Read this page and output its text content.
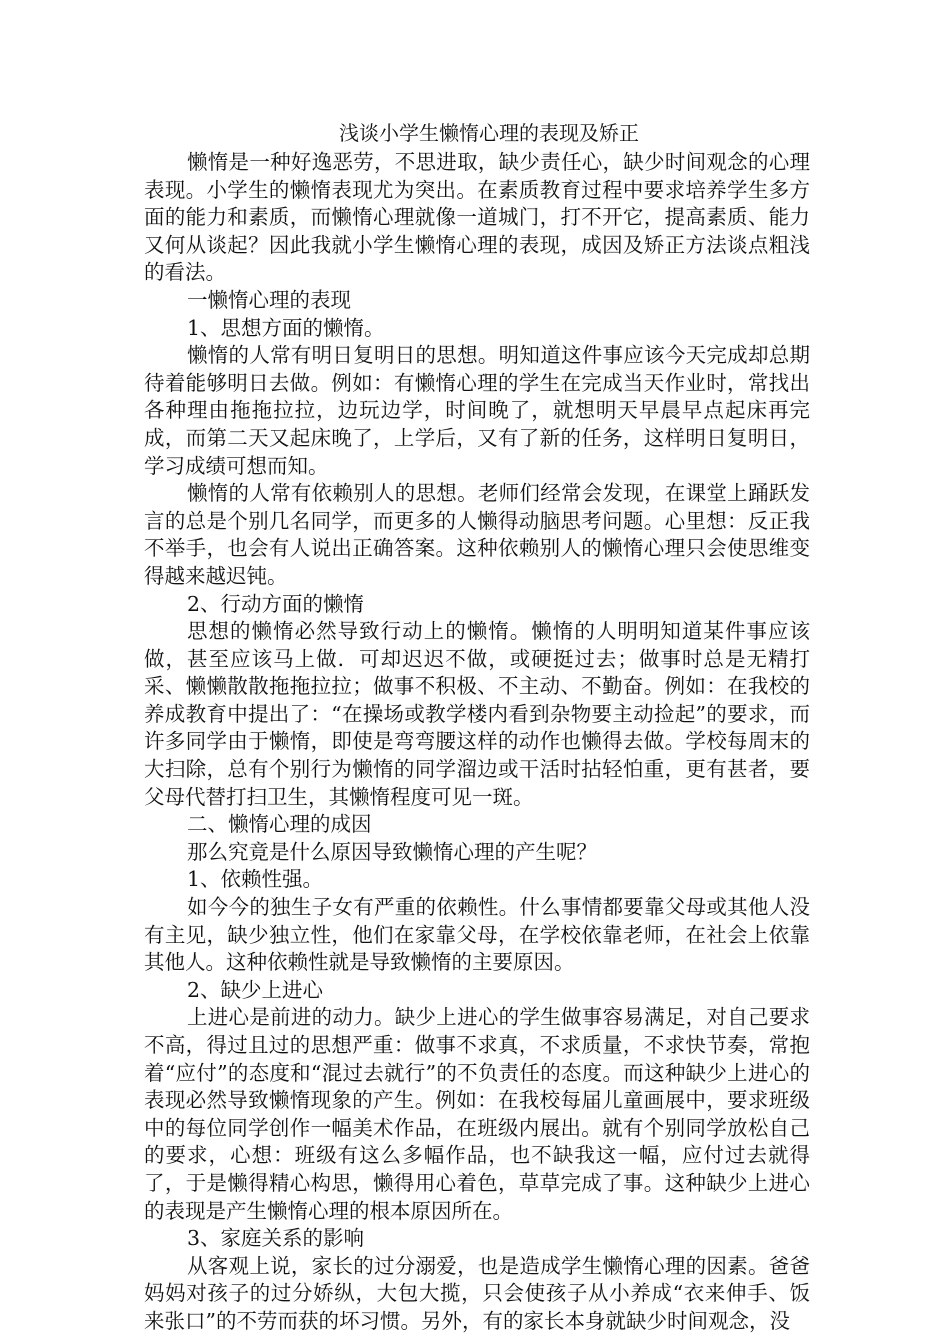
浅谈小学生懒惰心理的表现及矫正

懒惰是一种好逸恶劳，不思进取，缺少责任心，缺少时间观念的心理表现。小学生的懒惰表现尤为突出。在素质教育过程中要求培养学生多方面的能力和素质，而懒惰心理就像一道城门，打不开它，提高素质、能力又何从谈起？因此我就小学生懒惰心理的表现，成因及矫正方法谈点粗浅的看法。

一懒惰心理的表现

1、思想方面的懒惰。

懒惰的人常有明日复明日的思想。明知道这件事应该今天完成却总期待着能够明日去做。例如：有懒惰心理的学生在完成当天作业时，常找出各种理由拖拖拉拉，边玩边学，时间晚了，就想明天早晨早点起床再完成，而第二天又起床晚了，上学后，又有了新的任务，这样明日复明日，学习成绩可想而知。

懒惰的人常有依赖别人的思想。老师们经常会发现，在课堂上踊跃发言的总是个别几名同学，而更多的人懒得动脑思考问题。心里想：反正我不举手，也会有人说出正确答案。这种依赖别人的懒惰心理只会使思维变得越来越迟钝。

2、行动方面的懒惰

思想的懒惰必然导致行动上的懒惰。懒惰的人明明知道某件事应该做，甚至应该马上做．可却迟迟不做，或硬挺过去；做事时总是无精打采、懒懒散散拖拖拉拉；做事不积极、不主动、不勤奋。例如：在我校的养成教育中提出了：“在操场或教学楼内看到杂物要主动捡起”的要求，而许多同学由于懒惰，即使是弯弯腰这样的动作也懒得去做。学校每周末的大扫除，总有个别行为懒惰的同学溜边或干活时拈轻怕重，更有甚者，要父母代替打扫卫生，其懒惰程度可见一斑。

二、懒惰心理的成因

那么究竟是什么原因导致懒惰心理的产生呢？

1、依赖性强。

如今今的独生子女有严重的依赖性。什么事情都要靠父母或其他人没有主见，缺少独立性，他们在家靠父母，在学校依靠老师，在社会上依靠其他人。这种依赖性就是导致懒惰的主要原因。

2、缺少上进心

上进心是前进的动力。缺少上进心的学生做事容易满足，对自己要求不高，得过且过的思想严重：做事不求真，不求质量，不求快节奏，常抱着“应付”的态度和“混过去就行”的不负责任的态度。而这种缺少上进心的表现必然导致懒惰现象的产生。例如：在我校每届儿童画展中，要求班级中的每位同学创作一幅美术作品，在班级内展出。就有个别同学放松自己的要求，心想：班级有这么多幅作品，也不缺我这一幅，应付过去就得了，于是懒得精心构思，懒得用心着色，草草完成了事。这种缺少上进心的表现是产生懒惰心理的根本原因所在。

3、家庭关系的影响

从客观上说，家长的过分溺爱，也是造成学生懒惰心理的因素。爸爸妈妈对孩子的过分娇纵，大包大揽，只会使孩子从小养成“衣来伸手、饭来张口”的不劳而获的坏习惯。另外，有的家长本身就缺少时间观念，没
